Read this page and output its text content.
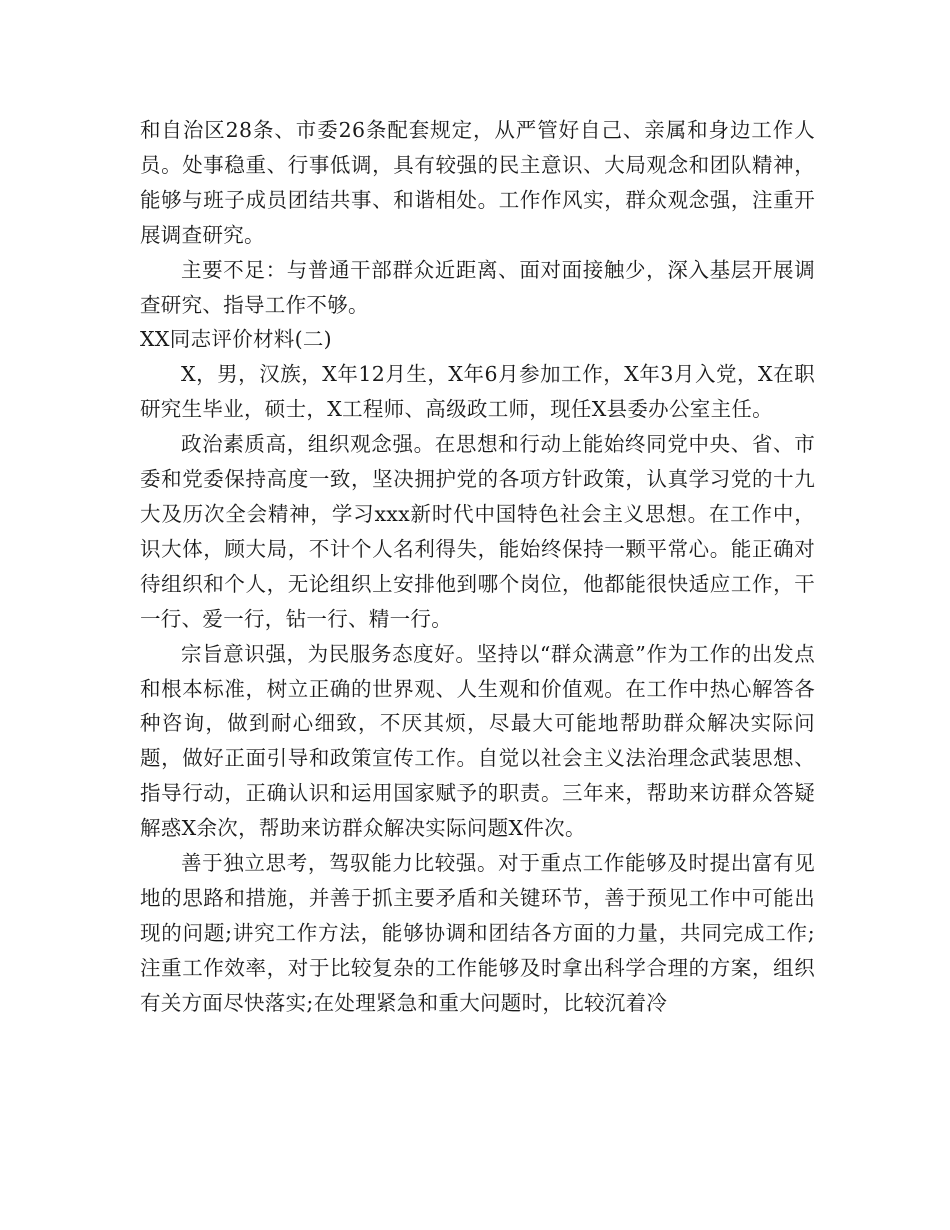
和自治区28条、市委26条配套规定，从严管好自己、亲属和身边工作人员。处事稳重、行事低调，具有较强的民主意识、大局观念和团队精神，能够与班子成员团结共事、和谐相处。工作作风实，群众观念强，注重开展调查研究。

主要不足：与普通干部群众近距离、面对面接触少，深入基层开展调查研究、指导工作不够。

XX同志评价材料(二)

X，男，汉族，X年12月生，X年6月参加工作，X年3月入党，X在职研究生毕业，硕士，X工程师、高级政工师，现任X县委办公室主任。

政治素质高，组织观念强。在思想和行动上能始终同党中央、省、市委和党委保持高度一致，坚决拥护党的各项方针政策，认真学习党的十九大及历次全会精神，学习xxx新时代中国特色社会主义思想。在工作中，识大体，顾大局，不计个人名利得失，能始终保持一颗平常心。能正确对待组织和个人，无论组织上安排他到哪个岗位，他都能很快适应工作，干一行、爱一行，钻一行、精一行。

宗旨意识强，为民服务态度好。坚持以“群众满意”作为工作的出发点和根本标准，树立正确的世界观、人生观和价值观。在工作中热心解答各种咨询，做到耐心细致，不厌其烦，尽最大可能地帮助群众解决实际问题，做好正面引导和政策宣传工作。自觉以社会主义法治理念武装思想、指导行动，正确认识和运用国家赋予的职责。三年来，帮助来访群众答疑解惑X余次，帮助来访群众解决实际问题X件次。

善于独立思考，驾驭能力比较强。对于重点工作能够及时提出富有见地的思路和措施，并善于抓主要矛盾和关键环节，善于预见工作中可能出现的问题;讲究工作方法，能够协调和团结各方面的力量，共同完成工作;注重工作效率，对于比较复杂的工作能够及时拿出科学合理的方案，组织有关方面尽快落实;在处理紧急和重大问题时，比较沉着冷
